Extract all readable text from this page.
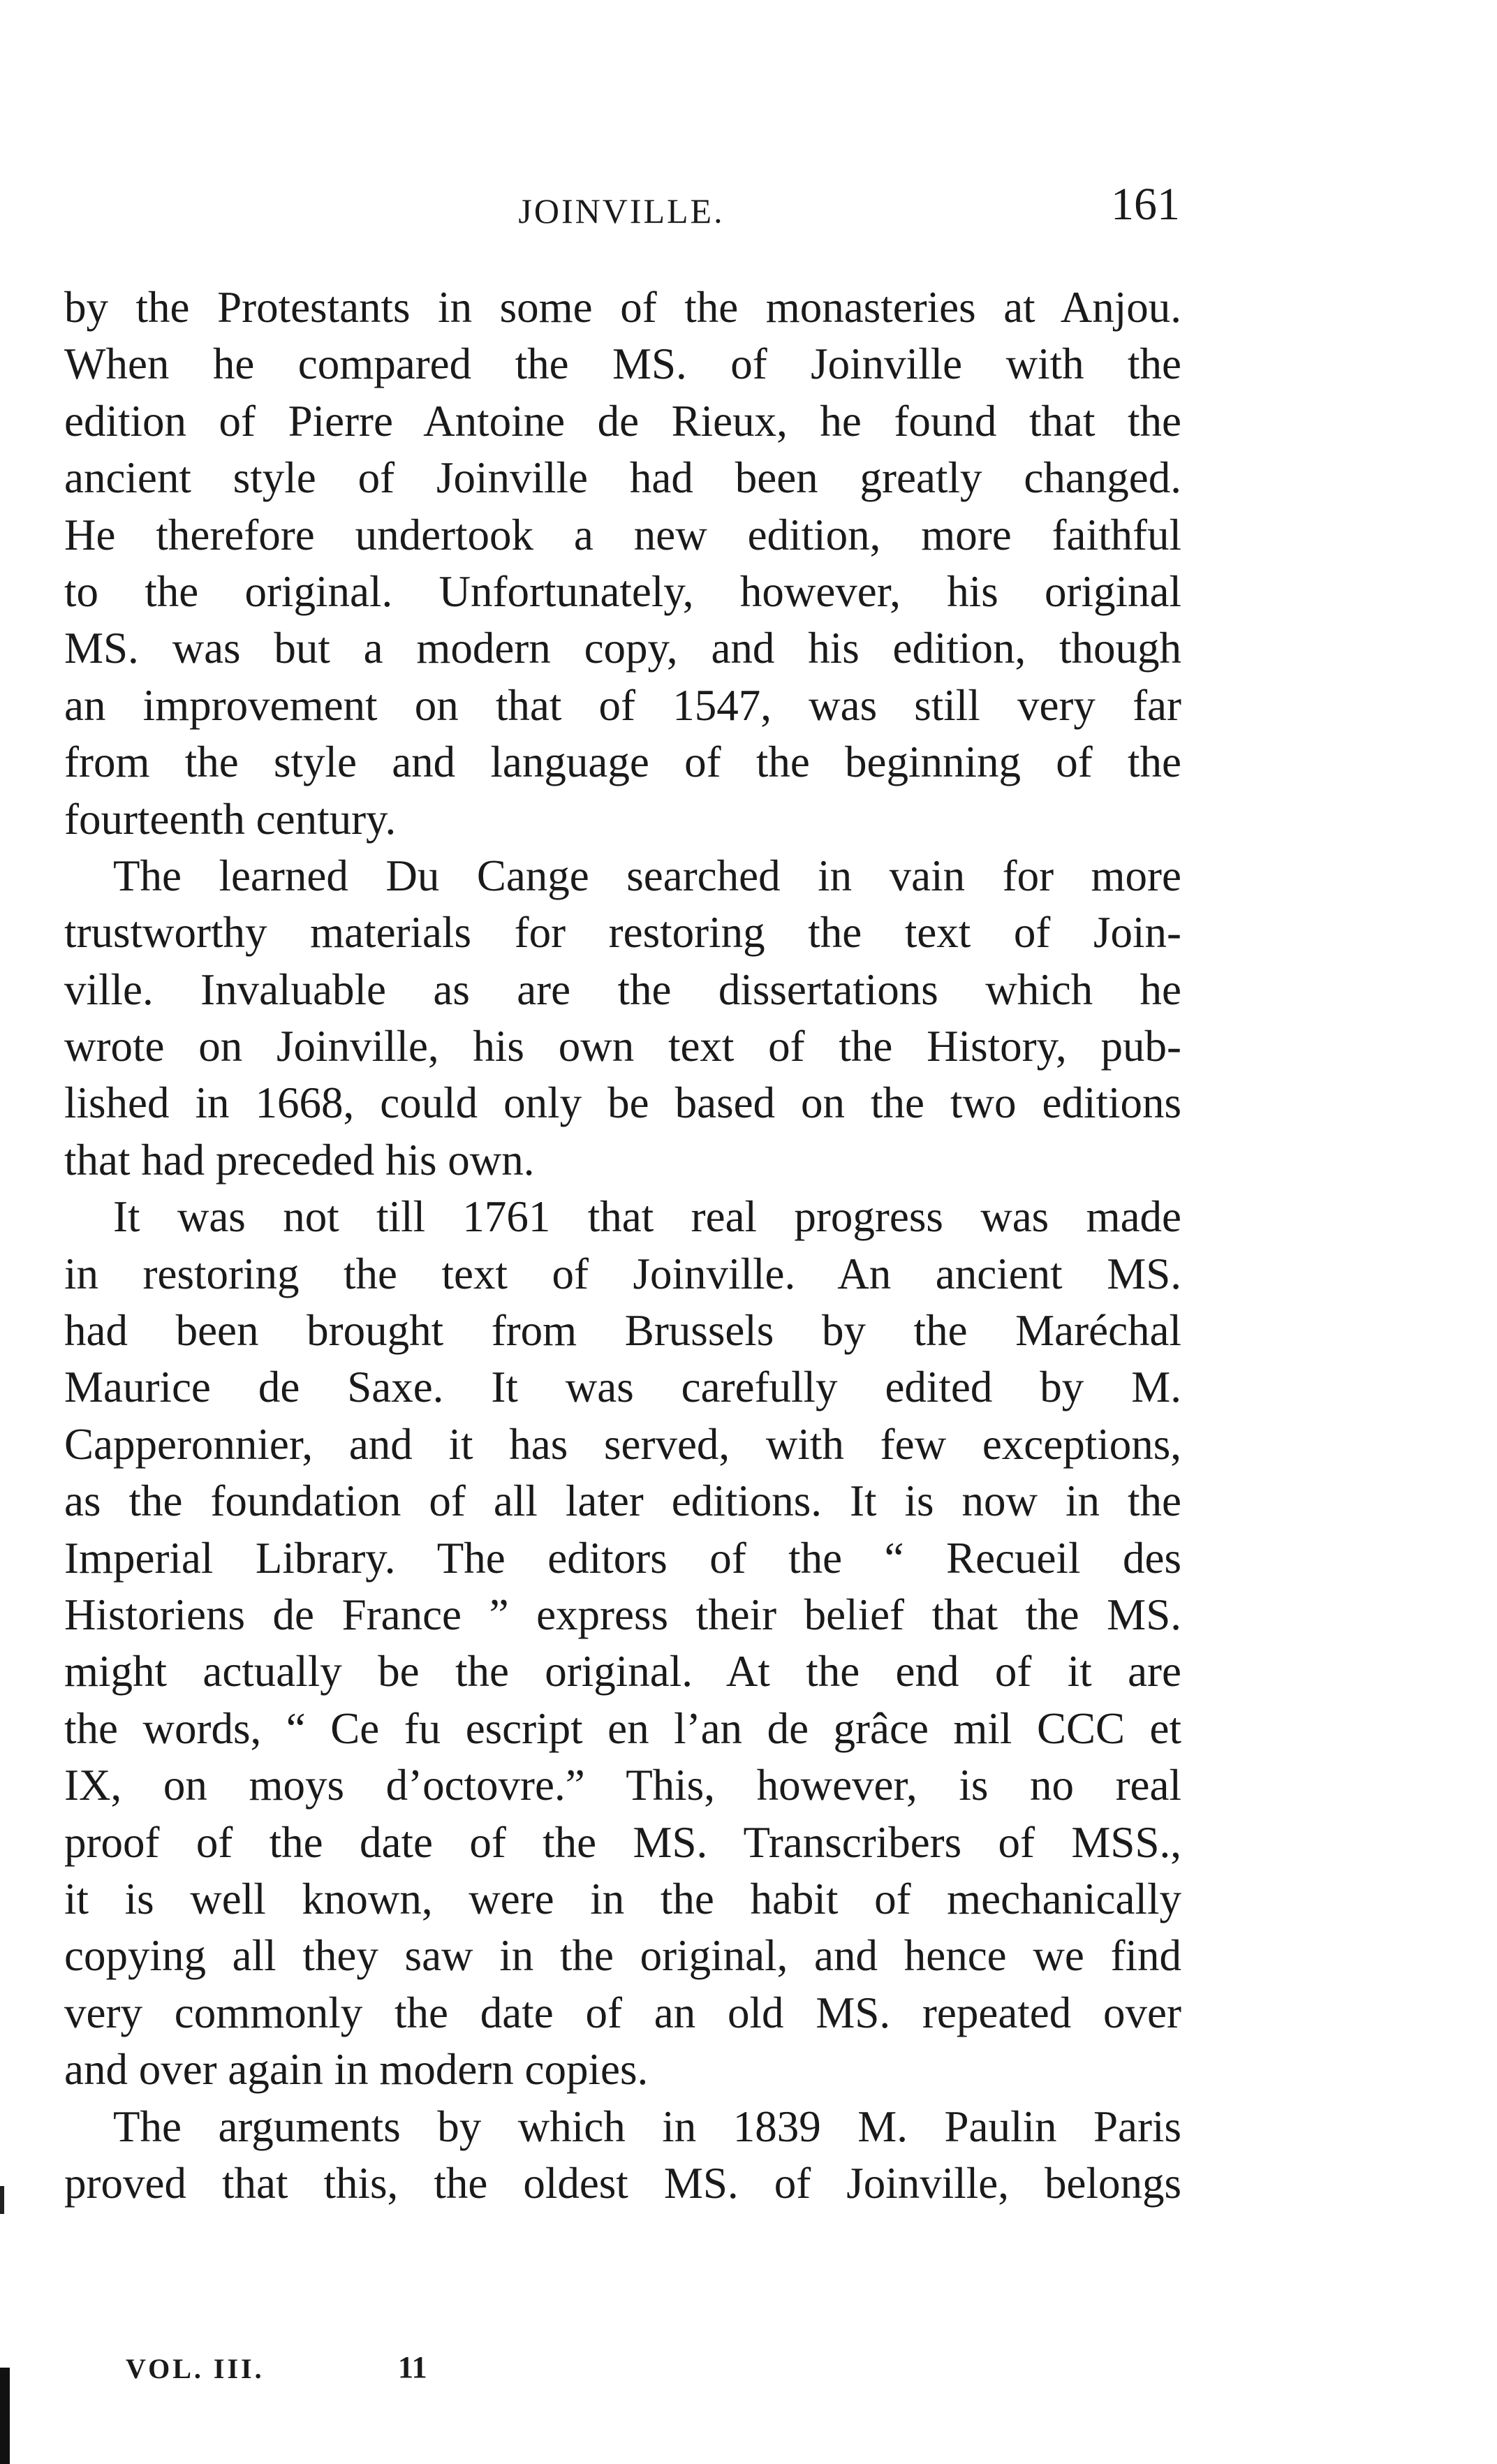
JOINVILLE.	161
by the Protestants in some of the monasteries at Anjou.
When he compared the MS. of Joinville with the
edition of Pierre Antoine de Rieux, he found that the
ancient style of Joinville had been greatly changed.
He therefore undertook a new edition, more faithful
to the original. Unfortunately, however, his original
MS. was but a modern copy, and his edition, though
an improvement on that of 1547, was still very far
from the style and language of the beginning of the
fourteenth century.
The learned Du Cange searched in vain for more
trustworthy materials for restoring the text of Join-
ville. Invaluable as are the dissertations which he
wrote on Joinville, his own text of the History, pub-
lished in 1668, could only be based on the two editions
that had preceded his own.
It was not till 1761 that real progress was made
in restoring the text of Joinville. An ancient MS.
had been brought from Brussels by the Maréchal
Maurice de Saxe. It was carefully edited by M.
Capperonnier, and it has served, with few exceptions,
as the foundation of all later editions. It is now in the
Imperial Library. The editors of the “ Recueil des
Historiens de France ” express their belief that the MS.
might actually be the original. At the end of it are
the words, “ Ce fu escript en l’an de grâce mil CCC et
IX, on moys d’octovre.” This, however, is no real
proof of the date of the MS. Transcribers of MSS.,
it is well known, were in the habit of mechanically
copying all they saw in the original, and hence we find
very commonly the date of an old MS. repeated over
and over again in modern copies.
The arguments by which in 1839 M. Paulin Paris
proved that this, the oldest MS. of Joinville, belongs
VOL. III.	11
